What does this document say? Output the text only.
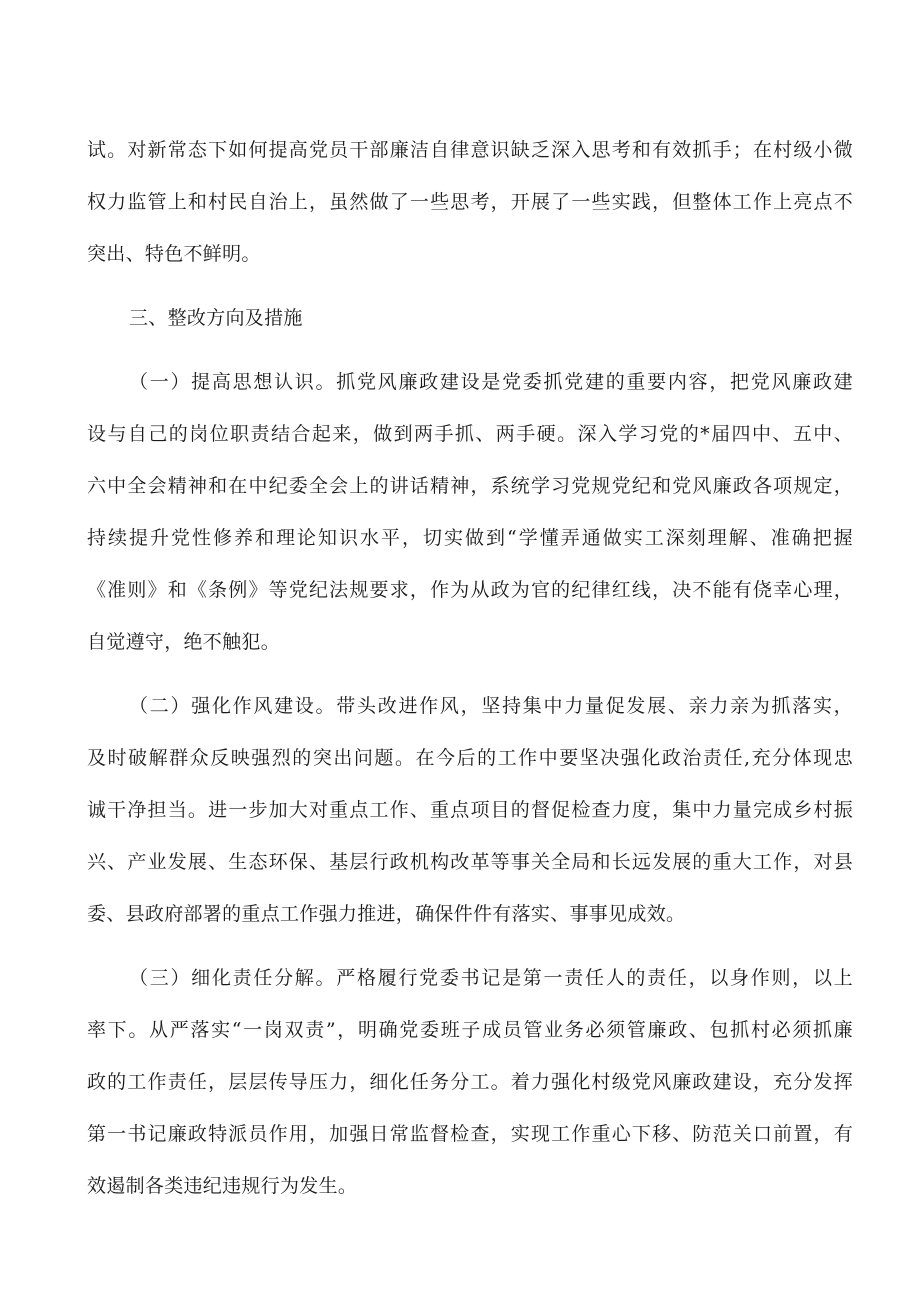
试。对新常态下如何提高党员干部廉洁自律意识缺乏深入思考和有效抓手；在村级小微
权力监管上和村民自治上，虽然做了一些思考，开展了一些实践，但整体工作上亮点不
突出、特色不鲜明。
三、整改方向及措施
（一）提高思想认识。抓党风廉政建设是党委抓党建的重要内容，把党风廉政建
设与自己的岗位职责结合起来，做到两手抓、两手硬。深入学习党的*届四中、五中、
六中全会精神和在中纪委全会上的讲话精神，系统学习党规党纪和党风廉政各项规定，
持续提升党性修养和理论知识水平，切实做到“学懂弄通做实工深刻理解、准确把握
《准则》和《条例》等党纪法规要求，作为从政为官的纪律红线，决不能有侥幸心理，
自觉遵守，绝不触犯。
（二）强化作风建设。带头改进作风，坚持集中力量促发展、亲力亲为抓落实，
及时破解群众反映强烈的突出问题。在今后的工作中要坚决强化政治责任,充分体现忠
诚干净担当。进一步加大对重点工作、重点项目的督促检查力度，集中力量完成乡村振
兴、产业发展、生态环保、基层行政机构改革等事关全局和长远发展的重大工作，对县
委、县政府部署的重点工作强力推进，确保件件有落实、事事见成效。
（三）细化责任分解。严格履行党委书记是第一责任人的责任，以身作则，以上
率下。从严落实“一岗双责”，明确党委班子成员管业务必须管廉政、包抓村必须抓廉
政的工作责任，层层传导压力，细化任务分工。着力强化村级党风廉政建设，充分发挥
第一书记廉政特派员作用，加强日常监督检查，实现工作重心下移、防范关口前置，有
效遏制各类违纪违规行为发生。
